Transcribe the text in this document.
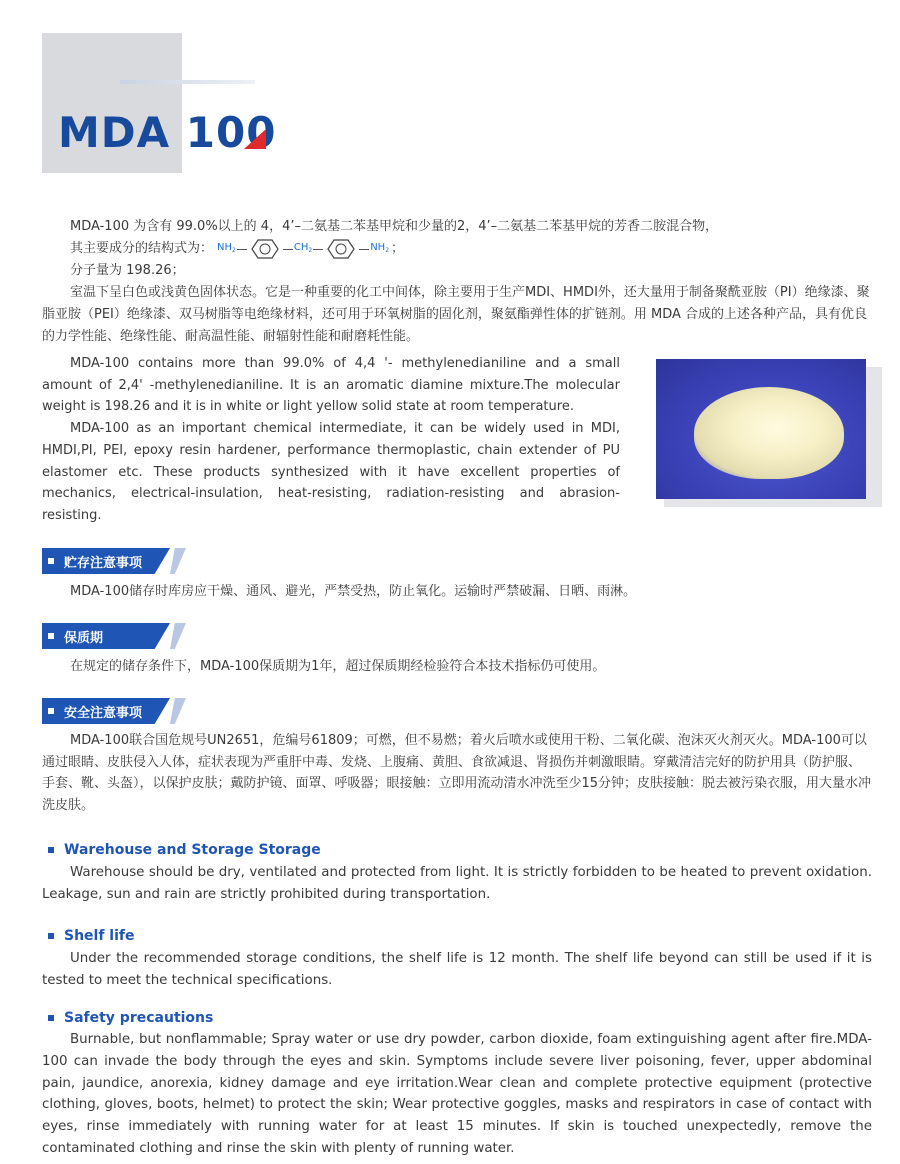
MDA 100

MDA-100 为含有 99.0%以上的 4，4’–二氨基二苯基甲烷和少量的2，4’–二氨基二苯基甲烷的芳香二胺混合物，

其主要成分的结构式为： $NH_2$	$CH_2$	$NH_2$ ；

分子量为 198.26；

室温下呈白色或浅黄色固体状态。它是一种重要的化工中间体，除主要用于生产MDI、HMDI外，还大量用于制备聚酰亚胺（PI）绝缘漆、聚脂亚胺（PEI）绝缘漆、双马树脂等电绝缘材料，还可用于环氧树脂的固化剂，聚氨酯弹性体的扩链剂。用 MDA 合成的上述各种产品，具有优良的力学性能、绝缘性能、耐高温性能、耐辐射性能和耐磨耗性能。

MDA-100 contains more than 99.0% of 4,4 '- methylenedianiline and a small amount of 2,4' -methylenedianiline. It is an aromatic diamine mixture.The molecular weight is 198.26 and it is in white or light yellow solid state at room temperature.

MDA-100 as an important chemical intermediate, it can be widely used in MDI, HMDI,PI, PEI, epoxy resin hardener, performance thermoplastic, chain extender of PU elastomer etc. These products synthesized with it have excellent properties of mechanics, electrical-insulation, heat-resisting, radiation-resisting and abrasion-resisting.

贮存注意事项

MDA-100储存时库房应干燥、通风、避光，严禁受热，防止氧化。运输时严禁破漏、日晒、雨淋。

保质期

在规定的储存条件下，MDA-100保质期为1年，超过保质期经检验符合本技术指标仍可使用。

安全注意事项

MDA-100联合国危规号UN2651，危编号61809；可燃，但不易燃；着火后喷水或使用干粉、二氧化碳、泡沫灭火剂灭火。MDA-100可以通过眼睛、皮肤侵入人体，症状表现为严重肝中毒、发烧、上腹痛、黄胆、食欲减退、肾损伤并刺激眼睛。穿戴清洁完好的防护用具（防护服、手套、靴、头盔），以保护皮肤；戴防护镜、面罩、呼吸器；眼接触：立即用流动清水冲洗至少15分钟；皮肤接触：脱去被污染衣服，用大量水冲洗皮肤。

Warehouse and Storage Storage

Warehouse should be dry, ventilated and protected from light. It is strictly forbidden to be heated to prevent oxidation. Leakage, sun and rain are strictly prohibited during transportation.

Shelf life

Under the recommended storage conditions, the shelf life is 12 month. The shelf life beyond can still be used if it is tested to meet the technical specifications.

Safety precautions

Burnable, but nonflammable; Spray water or use dry powder, carbon dioxide, foam extinguishing agent after fire.MDA-100 can invade the body through the eyes and skin. Symptoms include severe liver poisoning, fever, upper abdominal pain, jaundice, anorexia, kidney damage and eye irritation.Wear clean and complete protective equipment (protective clothing, gloves, boots, helmet) to protect the skin; Wear protective goggles, masks and respirators in case of contact with eyes, rinse immediately with running water for at least 15 minutes. If skin is touched unexpectedly, remove the contaminated clothing and rinse the skin with plenty of running water.
